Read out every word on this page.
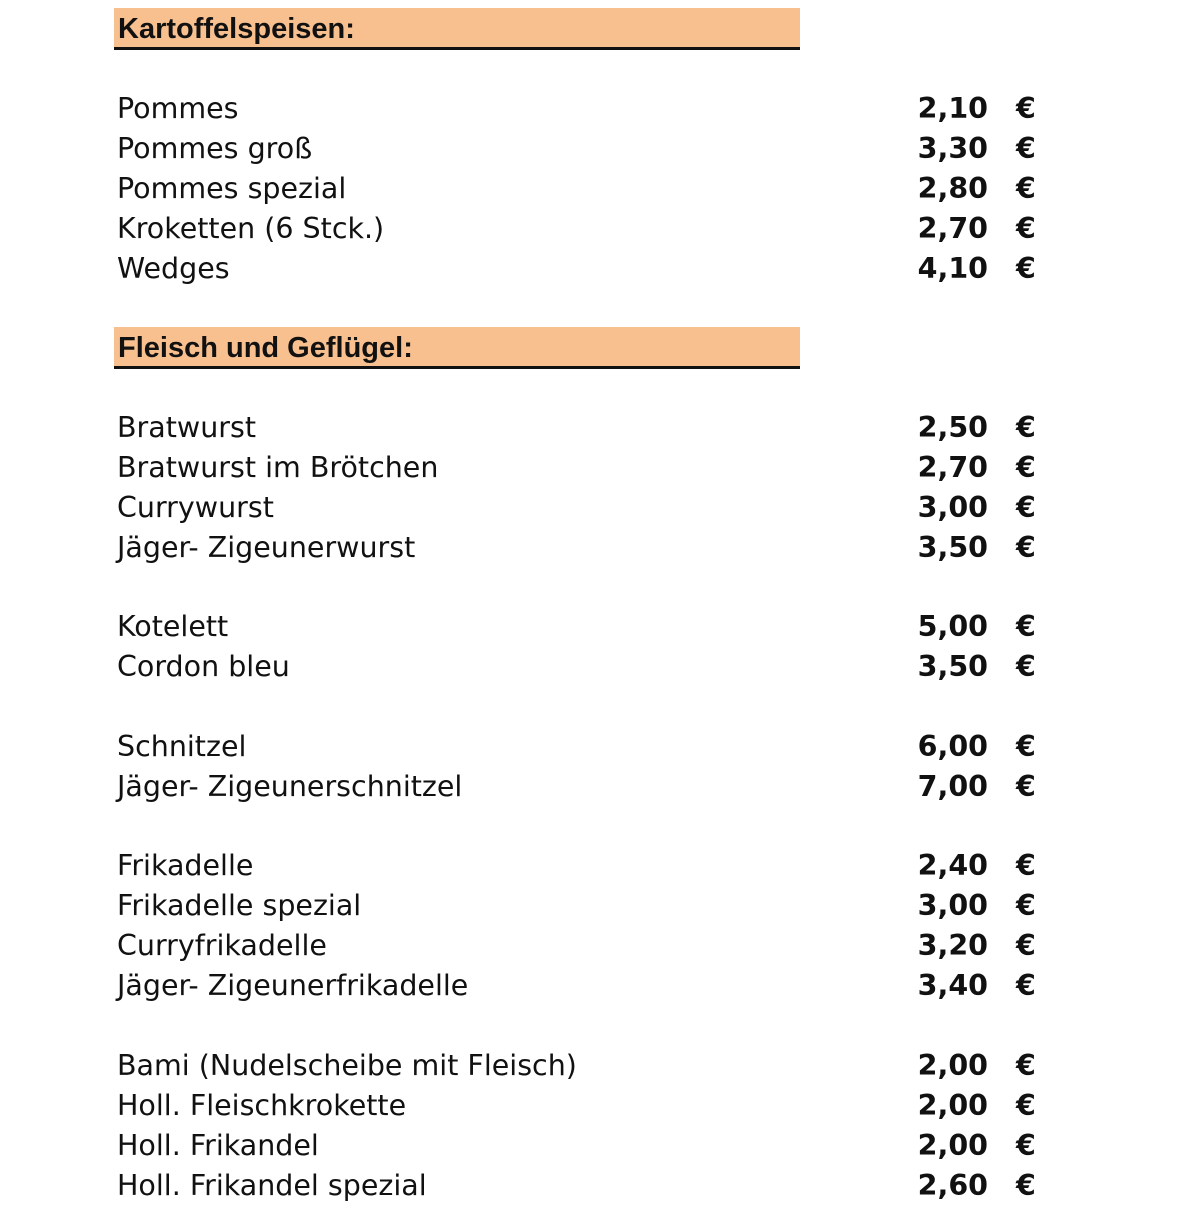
Kartoffelspeisen:
Pommes	2,10 €
Pommes groß	3,30 €
Pommes spezial	2,80 €
Kroketten (6 Stck.)	2,70 €
Wedges	4,10 €
Fleisch und Geflügel:
Bratwurst	2,50 €
Bratwurst im Brötchen	2,70 €
Currywurst	3,00 €
Jäger- Zigeunerwurst	3,50 €
Kotelett	5,00 €
Cordon bleu	3,50 €
Schnitzel	6,00 €
Jäger- Zigeunerschnitzel	7,00 €
Frikadelle	2,40 €
Frikadelle spezial	3,00 €
Curryfrikadelle	3,20 €
Jäger- Zigeunerfrikadelle	3,40 €
Bami (Nudelscheibe mit Fleisch)	2,00 €
Holl. Fleischkrokette	2,00 €
Holl. Frikandel	2,00 €
Holl. Frikandel spezial	2,60 €
